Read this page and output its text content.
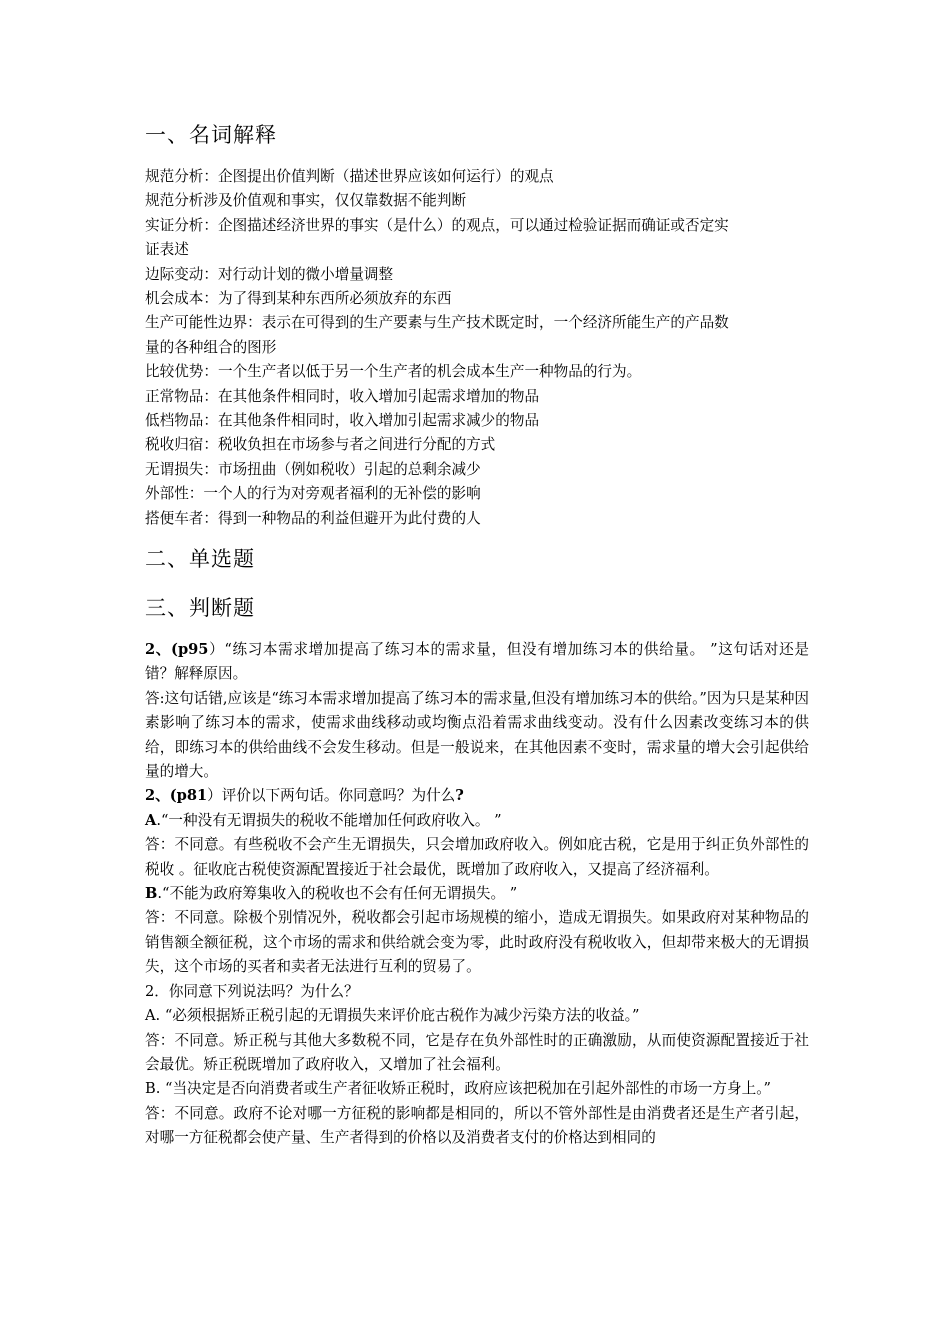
一、名词解释

规范分析：企图提出价值判断（描述世界应该如何运行）的观点

规范分析涉及价值观和事实，仅仅靠数据不能判断

实证分析：企图描述经济世界的事实（是什么）的观点，可以通过检验证据而确证或否定实

证表述

边际变动：对行动计划的微小增量调整

机会成本：为了得到某种东西所必须放弃的东西

生产可能性边界：表示在可得到的生产要素与生产技术既定时，一个经济所能生产的产品数

量的各种组合的图形

比较优势：一个生产者以低于另一个生产者的机会成本生产一种物品的行为。

正常物品：在其他条件相同时，收入增加引起需求增加的物品

低档物品：在其他条件相同时，收入增加引起需求减少的物品

税收归宿：税收负担在市场参与者之间进行分配的方式

无谓损失：市场扭曲（例如税收）引起的总剩余减少

外部性：一个人的行为对旁观者福利的无补偿的影响

搭便车者：得到一种物品的利益但避开为此付费的人

二、单选题
三、判断题

2、(p95）“练习本需求增加提高了练习本的需求量，但没有增加练习本的供给量。 ”这句话对还是错？解释原因。

答:这句话错,应该是“练习本需求增加提高了练习本的需求量,但没有增加练习本的供给。”因为只是某种因素影响了练习本的需求，使需求曲线移动或均衡点沿着需求曲线变动。没有什么因素改变练习本的供给，即练习本的供给曲线不会发生移动。但是一般说来，在其他因素不变时，需求量的增大会引起供给量的增大。

2、(p81）评价以下两句话。你同意吗？为什么?

A.“一种没有无谓损失的税收不能增加任何政府收入。 ”

答：不同意。有些税收不会产生无谓损失，只会增加政府收入。例如庇古税，它是用于纠正负外部性的税收 。征收庇古税使资源配置接近于社会最优，既增加了政府收入，又提高了经济福利。

B.“不能为政府筹集收入的税收也不会有任何无谓损失。 ”

答：不同意。除极个别情况外，税收都会引起市场规模的缩小，造成无谓损失。如果政府对某种物品的销售额全额征税，这个市场的需求和供给就会变为零，此时政府没有税收收入，但却带来极大的无谓损失，这个市场的买者和卖者无法进行互利的贸易了。

2．你同意下列说法吗？为什么？

A. “必须根据矫正税引起的无谓损失来评价庇古税作为减少污染方法的收益。”

答：不同意。矫正税与其他大多数税不同，它是存在负外部性时的正确激励，从而使资源配置接近于社会最优。矫正税既增加了政府收入，又增加了社会福利。

B. “当决定是否向消费者或生产者征收矫正税时，政府应该把税加在引起外部性的市场一方身上。”

答：不同意。政府不论对哪一方征税的影响都是相同的，所以不管外部性是由消费者还是生产者引起，对哪一方征税都会使产量、生产者得到的价格以及消费者支付的价格达到相同的
